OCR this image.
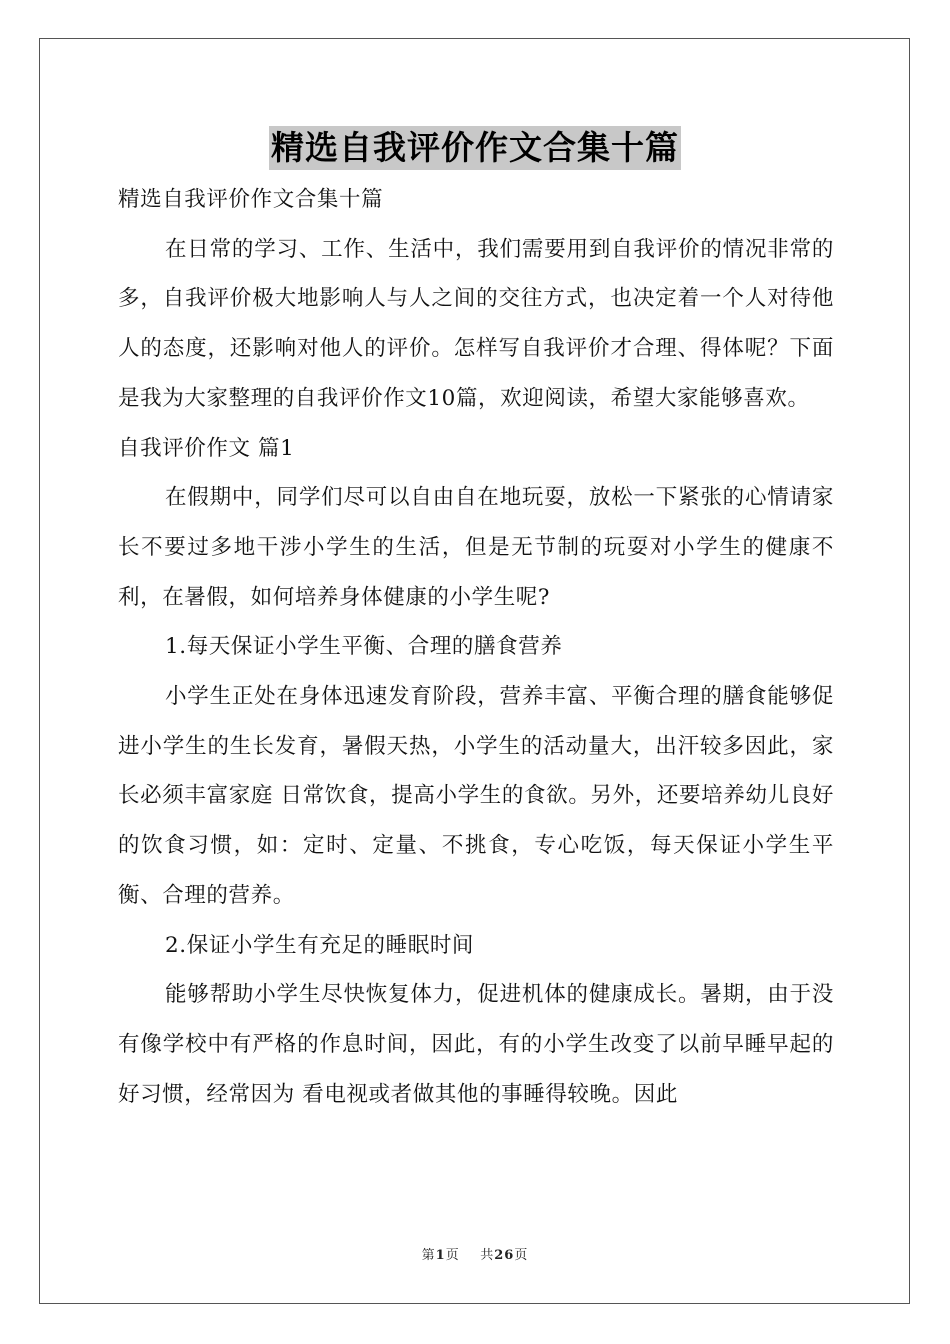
精选自我评价作文合集十篇

精选自我评价作文合集十篇

在日常的学习、工作、生活中，我们需要用到自我评价的情况非常的多，自我评价极大地影响人与人之间的交往方式，也决定着一个人对待他人的态度，还影响对他人的评价。怎样写自我评价才合理、得体呢？下面是我为大家整理的自我评价作文10篇，欢迎阅读，希望大家能够喜欢。

自我评价作文 篇1

在假期中，同学们尽可以自由自在地玩耍，放松一下紧张的心情请家长不要过多地干涉小学生的生活，但是无节制的玩耍对小学生的健康不利，在暑假，如何培养身体健康的小学生呢?

1.每天保证小学生平衡、合理的膳食营养

小学生正处在身体迅速发育阶段，营养丰富、平衡合理的膳食能够促进小学生的生长发育，暑假天热，小学生的活动量大，出汗较多因此，家长必须丰富家庭 日常饮食，提高小学生的食欲。另外，还要培养幼儿良好的饮食习惯，如：定时、定量、不挑食，专心吃饭，每天保证小学生平衡、合理的营养。

2.保证小学生有充足的睡眠时间

能够帮助小学生尽快恢复体力，促进机体的健康成长。暑期，由于没有像学校中有严格的作息时间，因此，有的小学生改变了以前早睡早起的好习惯，经常因为 看电视或者做其他的事睡得较晚。因此

第1页 共26页
